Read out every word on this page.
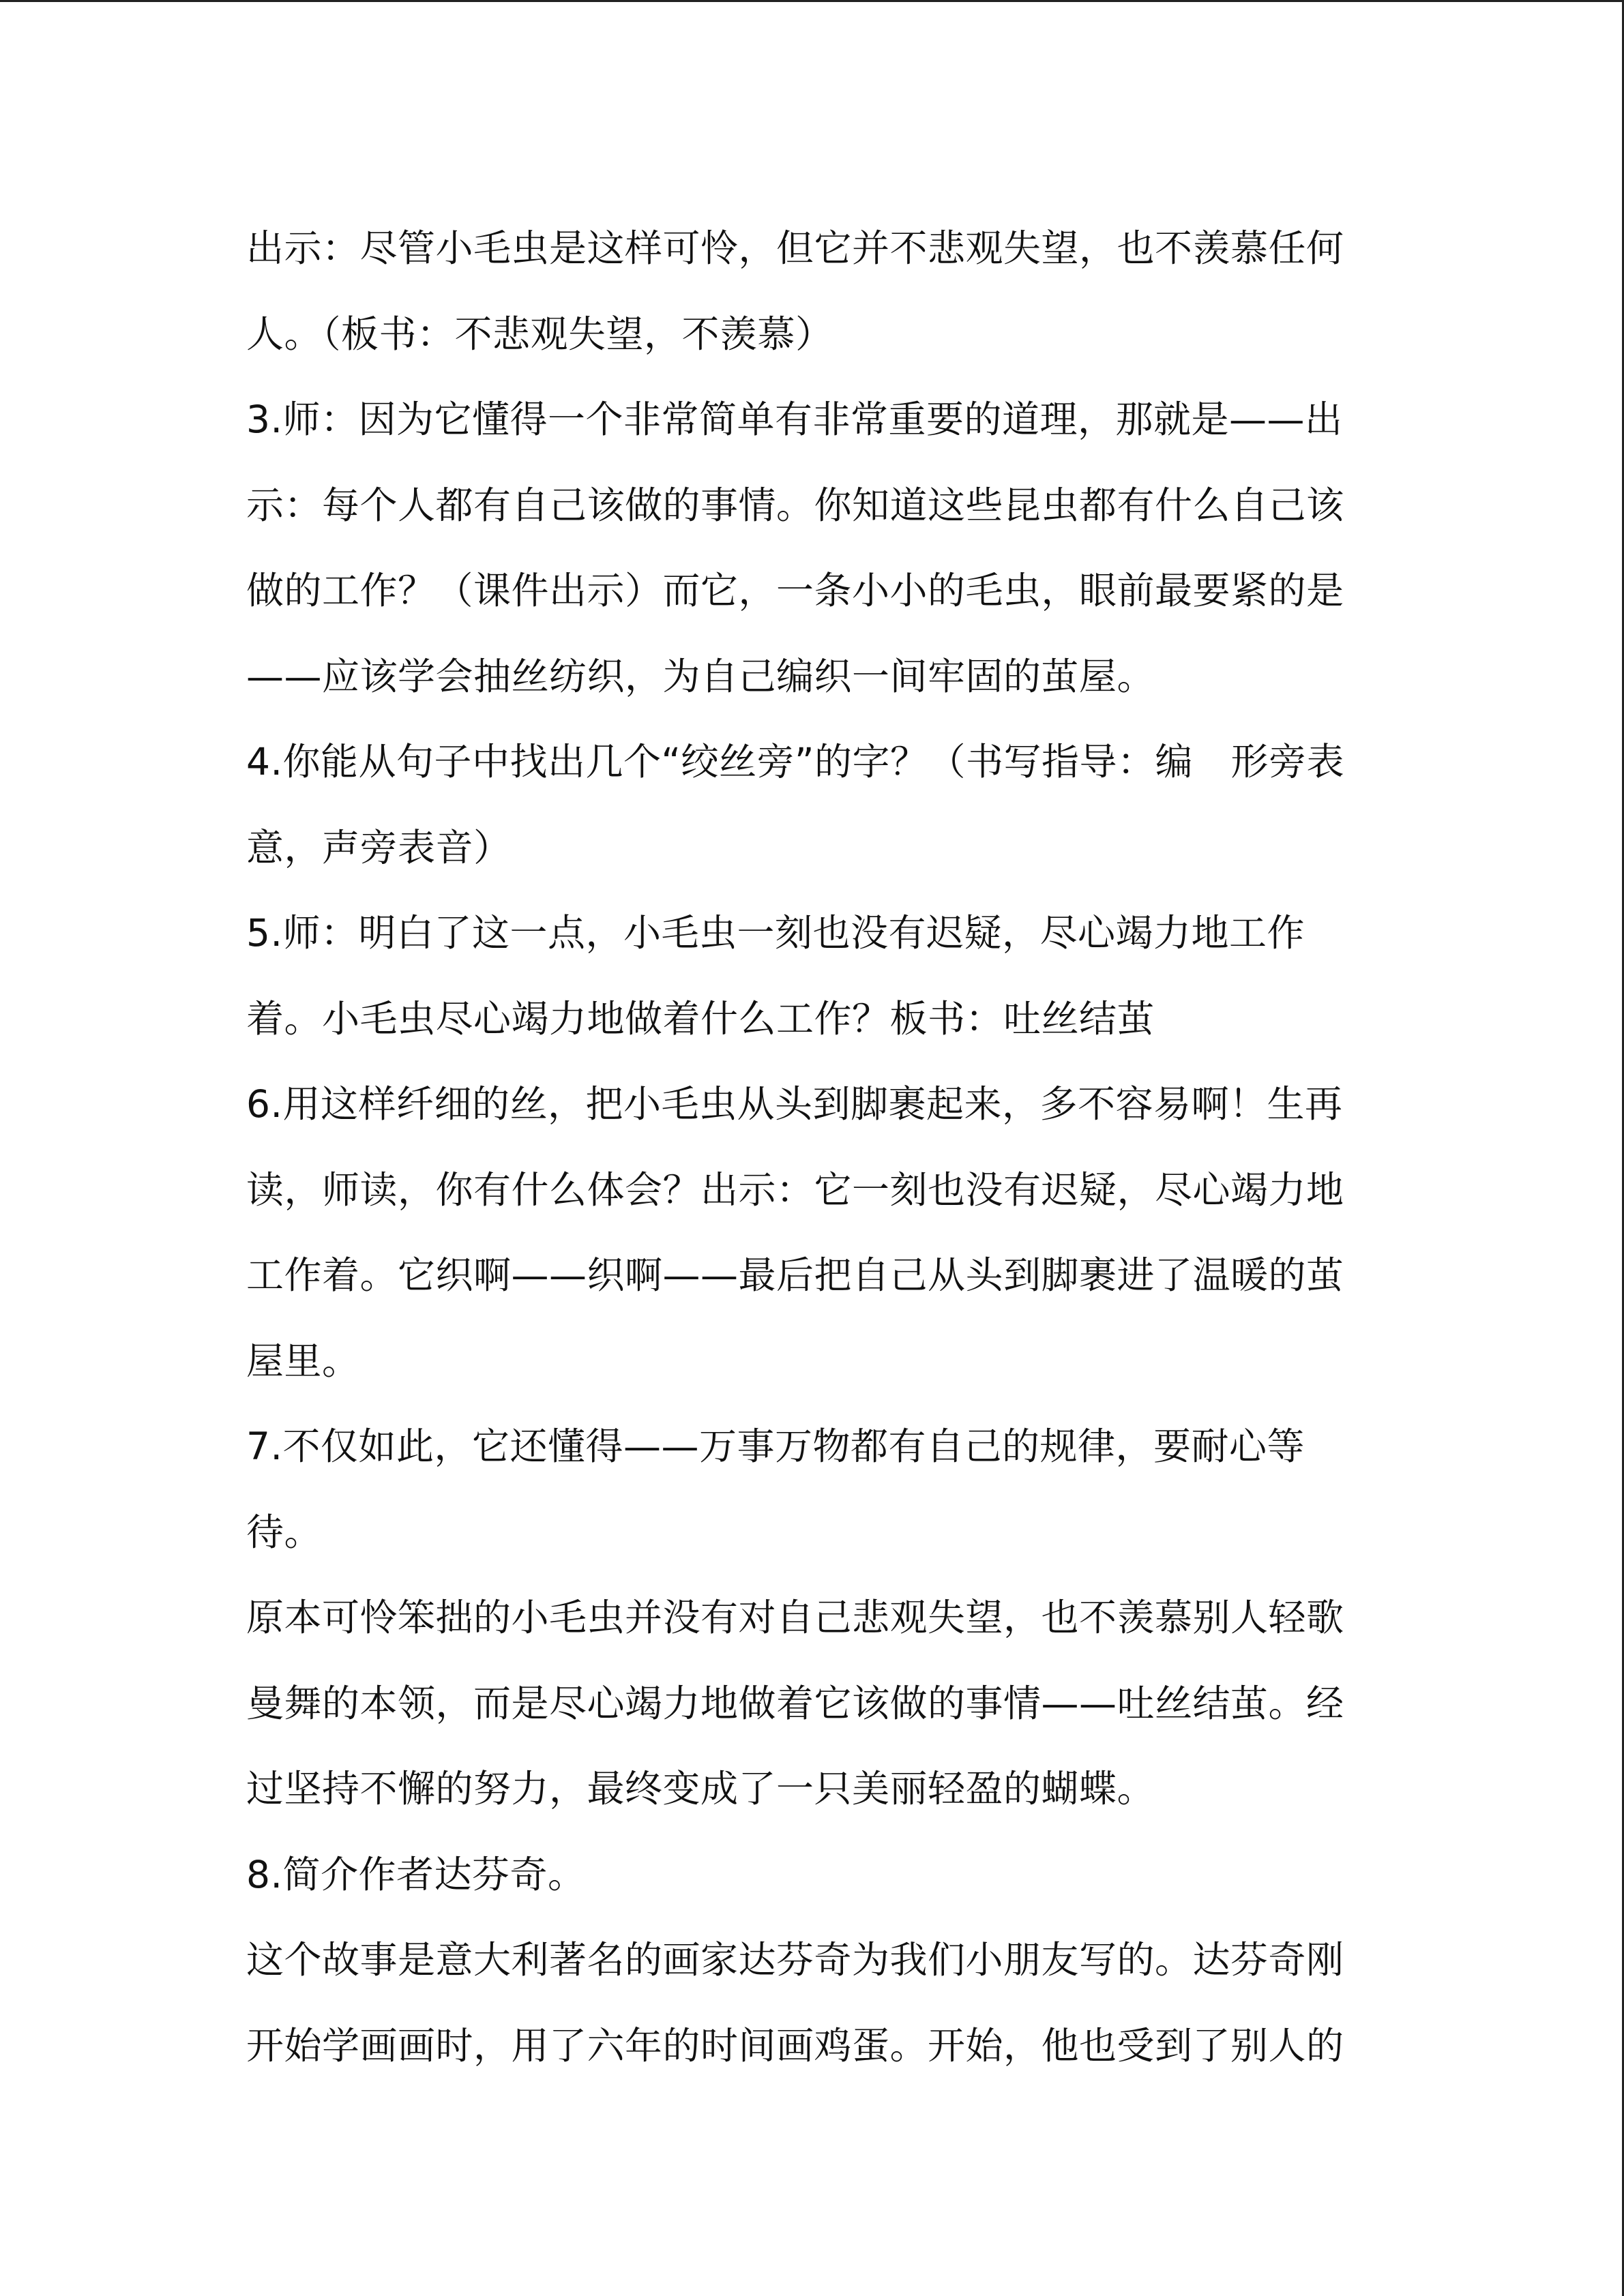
出示：尽管小毛虫是这样可怜，但它并不悲观失望，也不羡慕任何
人。（板书：不悲观失望，不羡慕）
3.师：因为它懂得一个非常简单有非常重要的道理，那就是——出
示：每个人都有自己该做的事情。你知道这些昆虫都有什么自己该
做的工作？（课件出示）而它，一条小小的毛虫，眼前最要紧的是
——应该学会抽丝纺织，为自己编织一间牢固的茧屋。
4.你能从句子中找出几个“绞丝旁”的字？（书写指导：编　形旁表
意，声旁表音）
5.师：明白了这一点，小毛虫一刻也没有迟疑，尽心竭力地工作
着。小毛虫尽心竭力地做着什么工作？板书：吐丝结茧
6.用这样纤细的丝，把小毛虫从头到脚裹起来，多不容易啊！生再
读，师读，你有什么体会？出示：它一刻也没有迟疑，尽心竭力地
工作着。它织啊——织啊——最后把自己从头到脚裹进了温暖的茧
屋里。
7.不仅如此，它还懂得——万事万物都有自己的规律，要耐心等
待。
原本可怜笨拙的小毛虫并没有对自己悲观失望，也不羡慕别人轻歌
曼舞的本领，而是尽心竭力地做着它该做的事情——吐丝结茧。经
过坚持不懈的努力，最终变成了一只美丽轻盈的蝴蝶。
8.简介作者达芬奇。
这个故事是意大利著名的画家达芬奇为我们小朋友写的。达芬奇刚
开始学画画时，用了六年的时间画鸡蛋。开始，他也受到了别人的
